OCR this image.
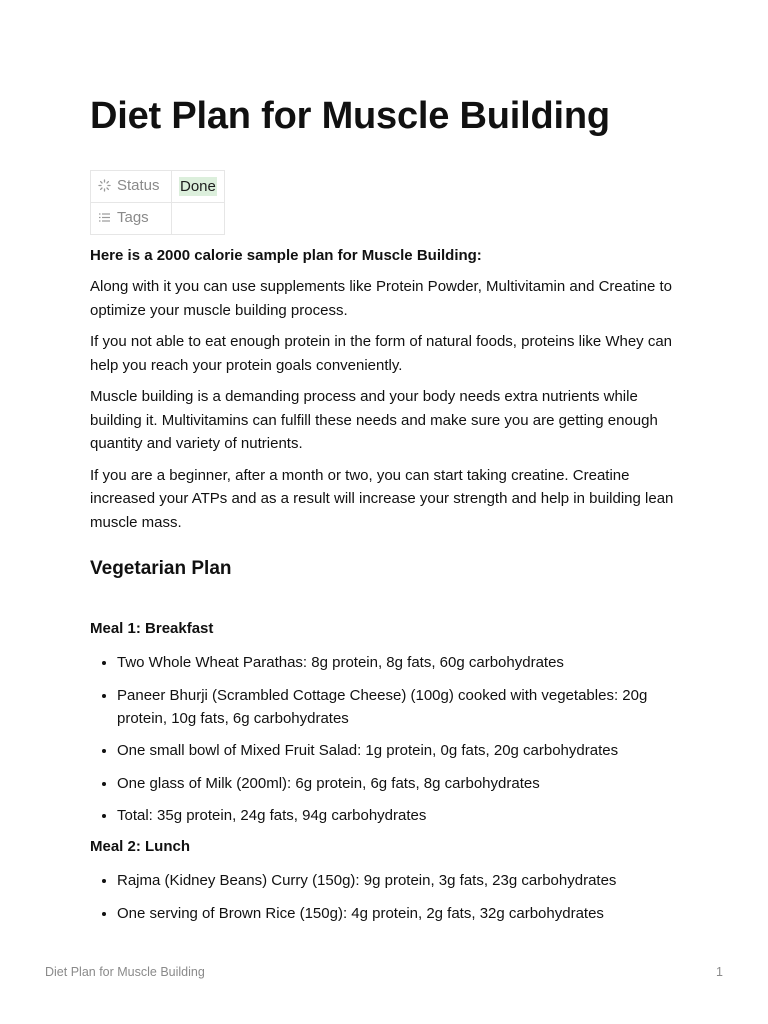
Diet Plan for Muscle Building
Status	Done
Tags	

Here is a 2000 calorie sample plan for Muscle Building:

Along with it you can use supplements like Protein Powder, Multivitamin and Creatine to optimize your muscle building process.

If you not able to eat enough protein in the form of natural foods, proteins like Whey can help you reach your protein goals conveniently.

Muscle building is a demanding process and your body needs extra nutrients while building it. Multivitamins can fulfill these needs and make sure you are getting enough quantity and variety of nutrients.

If you are a beginner, after a month or two, you can start taking creatine. Creatine increased your ATPs and as a result will increase your strength and help in building lean muscle mass.

Vegetarian Plan
Meal 1: Breakfast
• Two Whole Wheat Parathas: 8g protein, 8g fats, 60g carbohydrates
• Paneer Bhurji (Scrambled Cottage Cheese) (100g) cooked with vegetables: 20g protein, 10g fats, 6g carbohydrates
• One small bowl of Mixed Fruit Salad: 1g protein, 0g fats, 20g carbohydrates
• One glass of Milk (200ml): 6g protein, 6g fats, 8g carbohydrates
• Total: 35g protein, 24g fats, 94g carbohydrates
Meal 2: Lunch
• Rajma (Kidney Beans) Curry (150g): 9g protein, 3g fats, 23g carbohydrates
• One serving of Brown Rice (150g): 4g protein, 2g fats, 32g carbohydrates
Diet Plan for Muscle Building	1
